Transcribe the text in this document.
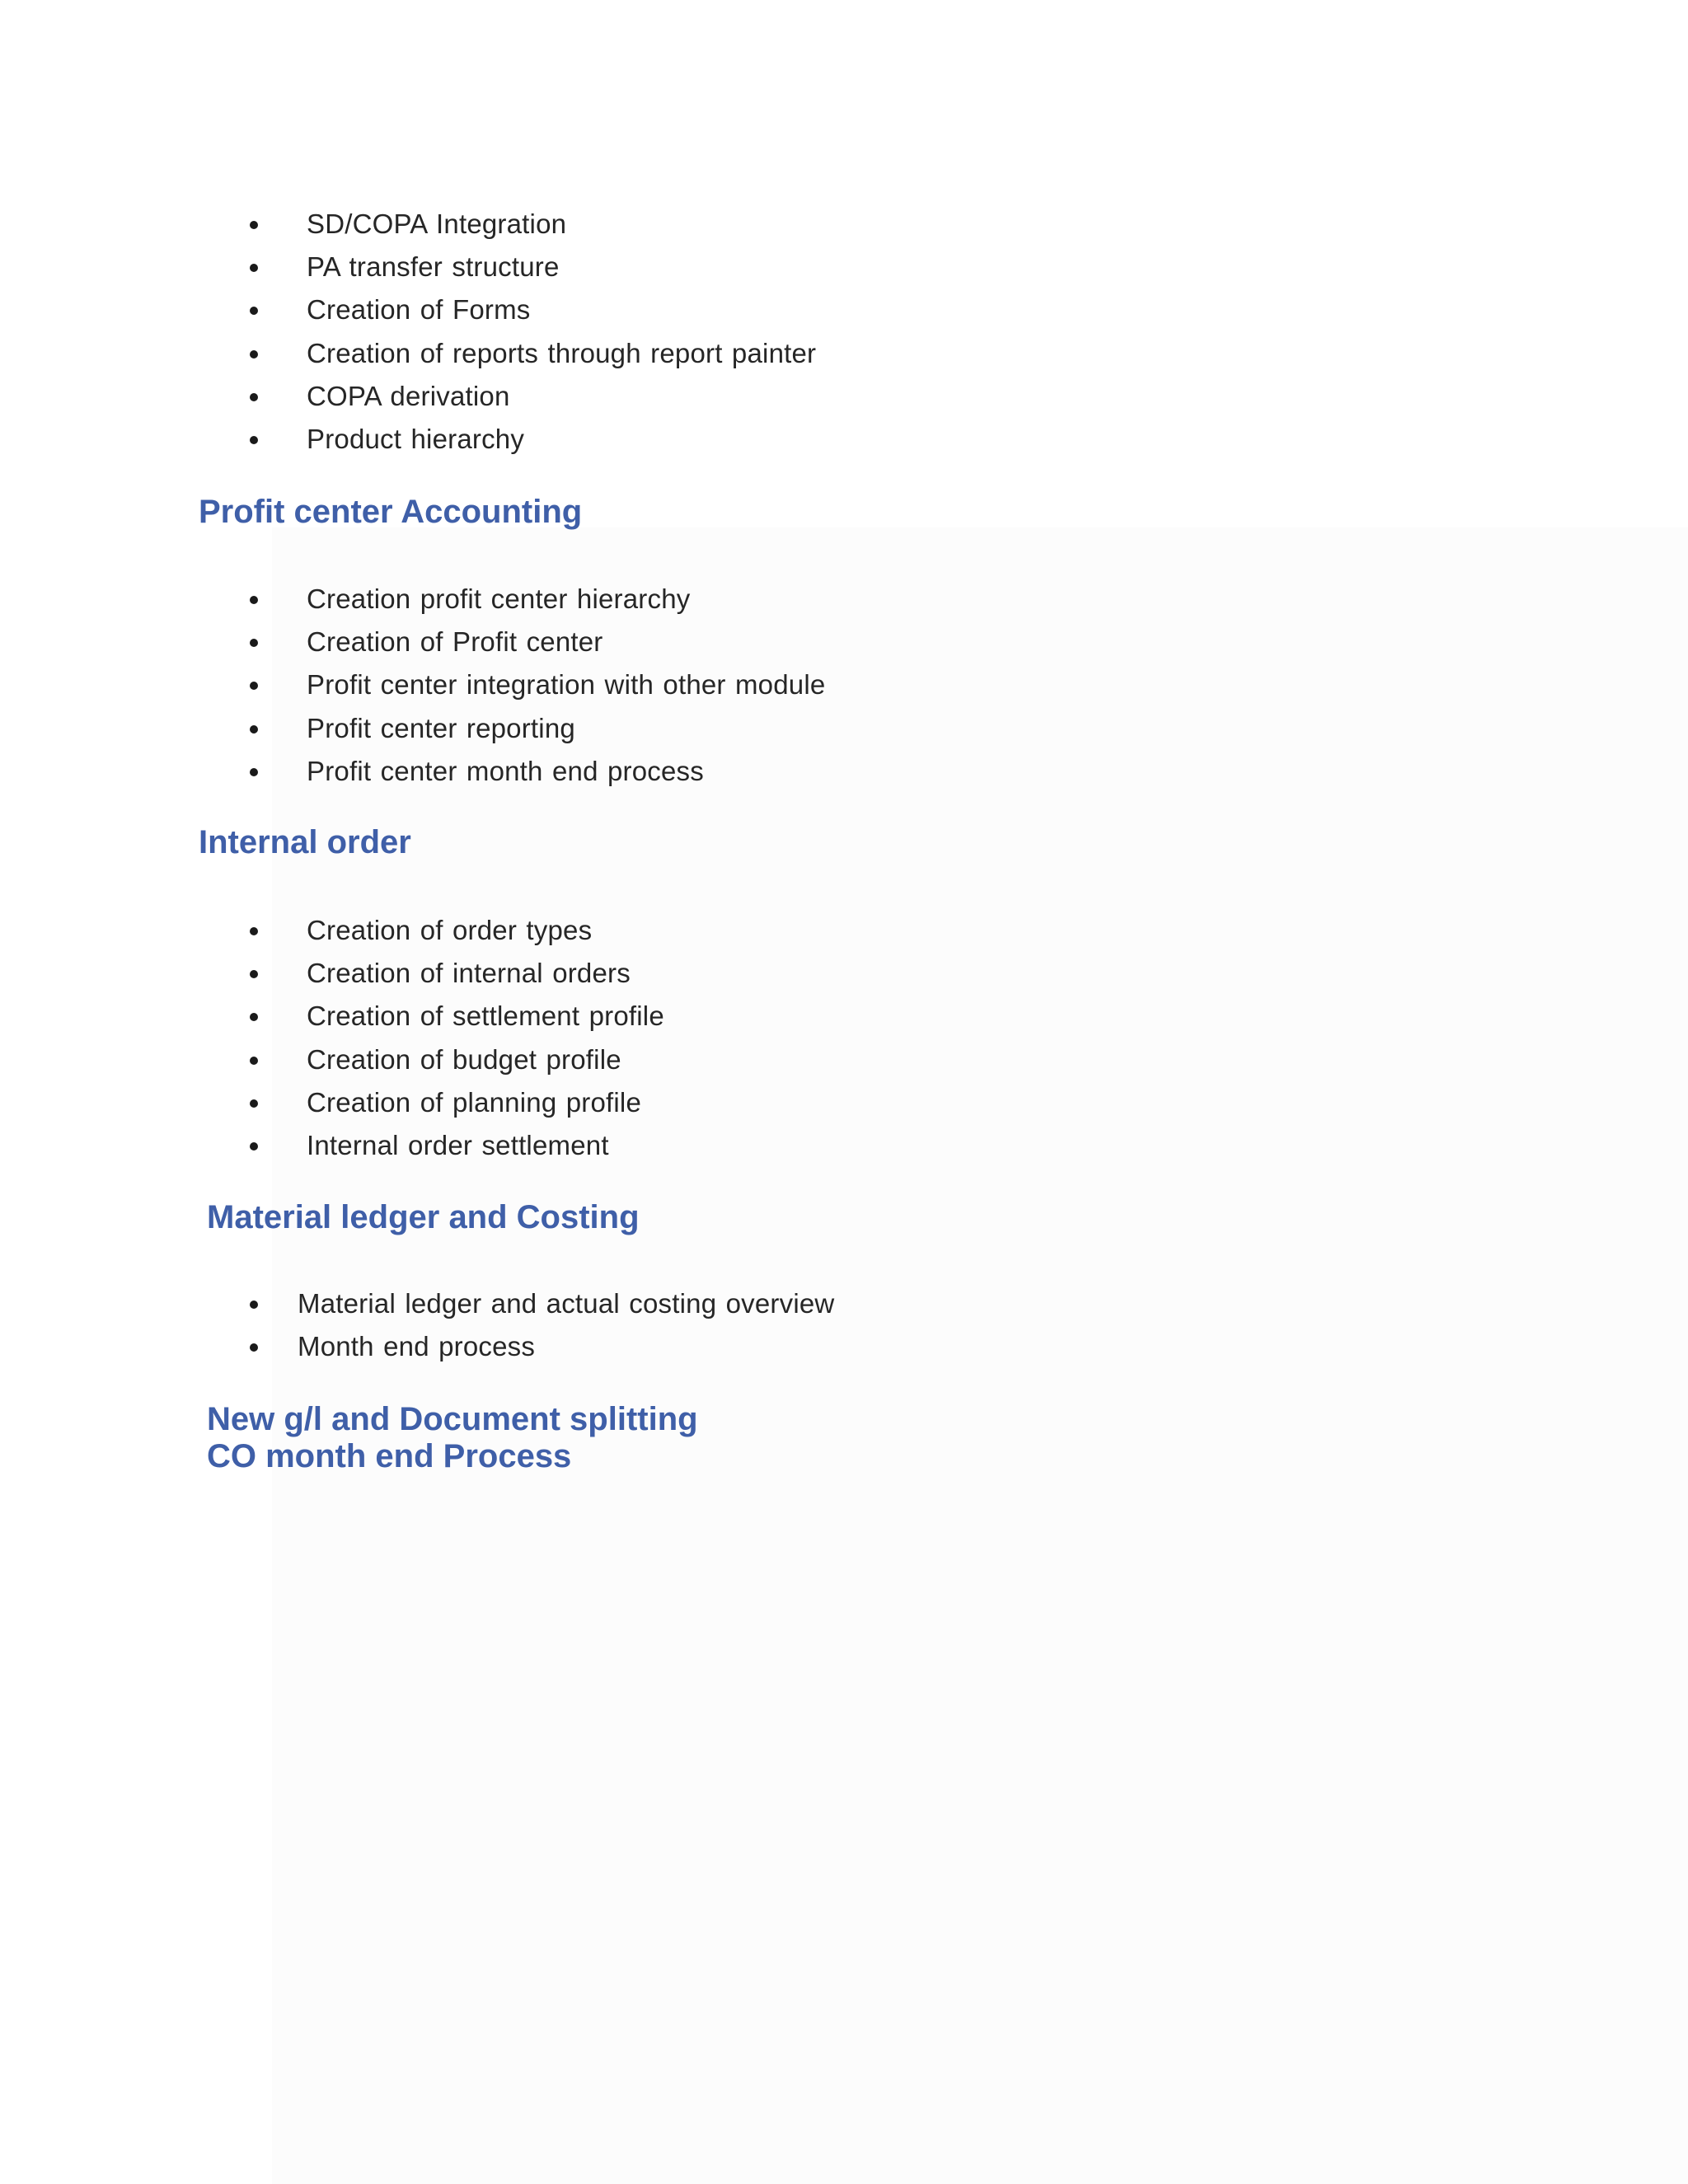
SD/COPA Integration
PA transfer structure
Creation of Forms
Creation of reports through report painter
COPA derivation
Product hierarchy
Profit center Accounting
Creation profit center hierarchy
Creation of Profit center
Profit center integration with other module
Profit center reporting
Profit center month end process
Internal order
Creation of order types
Creation of internal orders
Creation of settlement profile
Creation of budget profile
Creation of planning profile
Internal order settlement
Material ledger and Costing
Material ledger and actual costing overview
Month end process
New g/l and Document splitting
CO month end Process
